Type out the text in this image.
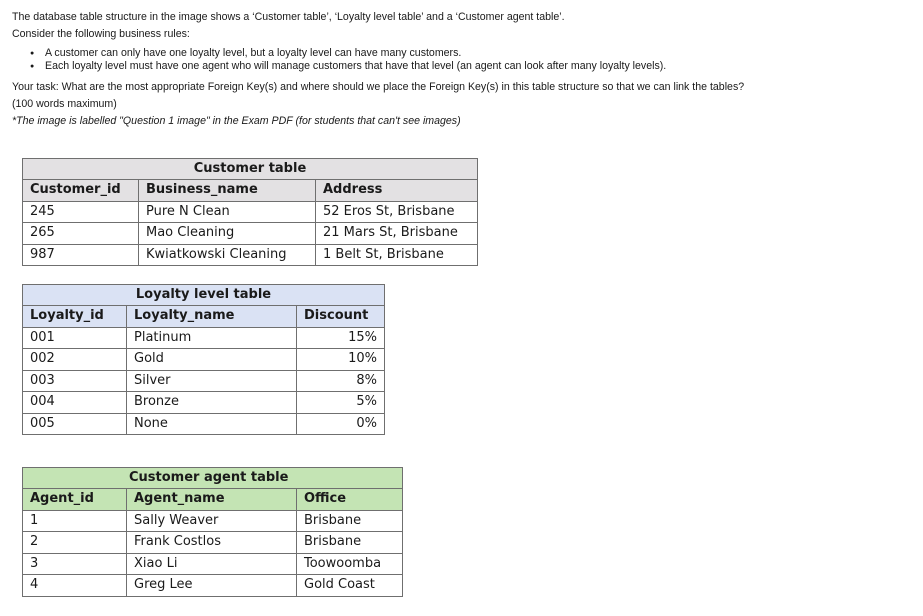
The database table structure in the image shows a ‘Customer table’, ‘Loyalty level table’ and a ‘Customer agent table’.

Consider the following business rules:

● A customer can only have one loyalty level, but a loyalty level can have many customers.
● Each loyalty level must have one agent who will manage customers that have that level (an agent can look after many loyalty levels).

Your task: What are the most appropriate Foreign Key(s) and where should we place the Foreign Key(s) in this table structure so that we can link the tables?

(100 words maximum)

*The image is labelled "Question 1 image" in the Exam PDF (for students that can't see images)

Customer table		
Customer_id	Business_name	Address
245	Pure N Clean	52 Eros St, Brisbane
265	Mao Cleaning	21 Mars St, Brisbane
987	Kwiatkowski Cleaning	1 Belt St, Brisbane
Loyalty level table		
Loyalty_id	Loyalty_name	Discount
001	Platinum	15%
002	Gold	10%
003	Silver	8%
004	Bronze	5%
005	None	0%
Customer agent table		
Agent_id	Agent_name	Office
1	Sally Weaver	Brisbane
2	Frank Costlos	Brisbane
3	Xiao Li	Toowoomba
4	Greg Lee	Gold Coast
